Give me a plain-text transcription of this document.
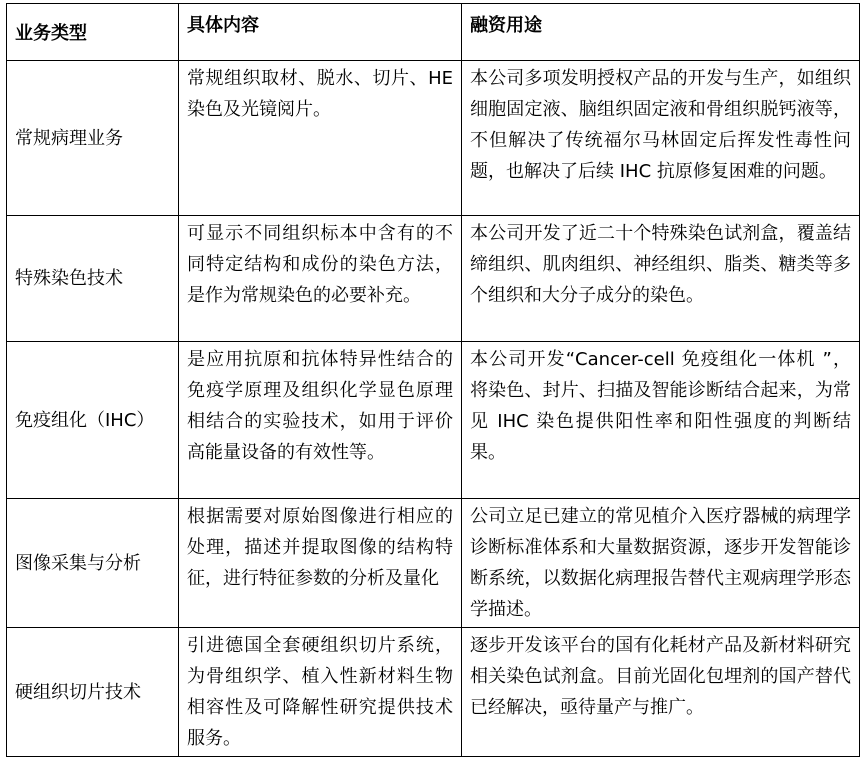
业务类型	具体内容	融资用途
常规病理业务	常规组织取材、脱水、切片、HE 染色及光镜阅片。	本公司多项发明授权产品的开发与生产，如组织细胞固定液、脑组织固定液和骨组织脱钙液等，不但解决了传统福尔马林固定后挥发性毒性问题，也解决了后续 IHC 抗原修复困难的问题。
特殊染色技术	可显示不同组织标本中含有的不同特定结构和成份的染色方法，是作为常规染色的必要补充。	本公司开发了近二十个特殊染色试剂盒，覆盖结缔组织、肌肉组织、神经组织、脂类、糖类等多个组织和大分子成分的染色。
免疫组化（IHC）	是应用抗原和抗体特异性结合的免疫学原理及组织化学显色原理相结合的实验技术，如用于评价高能量设备的有效性等。	本公司开发“Cancer-cell 免疫组化一体机 ”，将染色、封片、扫描及智能诊断结合起来，为常见 IHC 染色提供阳性率和阳性强度的判断结果。
图像采集与分析	根据需要对原始图像进行相应的处理，描述并提取图像的结构特征，进行特征参数的分析及量化	公司立足已建立的常见植介入医疗器械的病理学诊断标准体系和大量数据资源，逐步开发智能诊断系统，以数据化病理报告替代主观病理学形态学描述。
硬组织切片技术	引进德国全套硬组织切片系统，为骨组织学、植入性新材料生物相容性及可降解性研究提供技术服务。	逐步开发该平台的国有化耗材产品及新材料研究相关染色试剂盒。目前光固化包埋剂的国产替代已经解决，亟待量产与推广。
